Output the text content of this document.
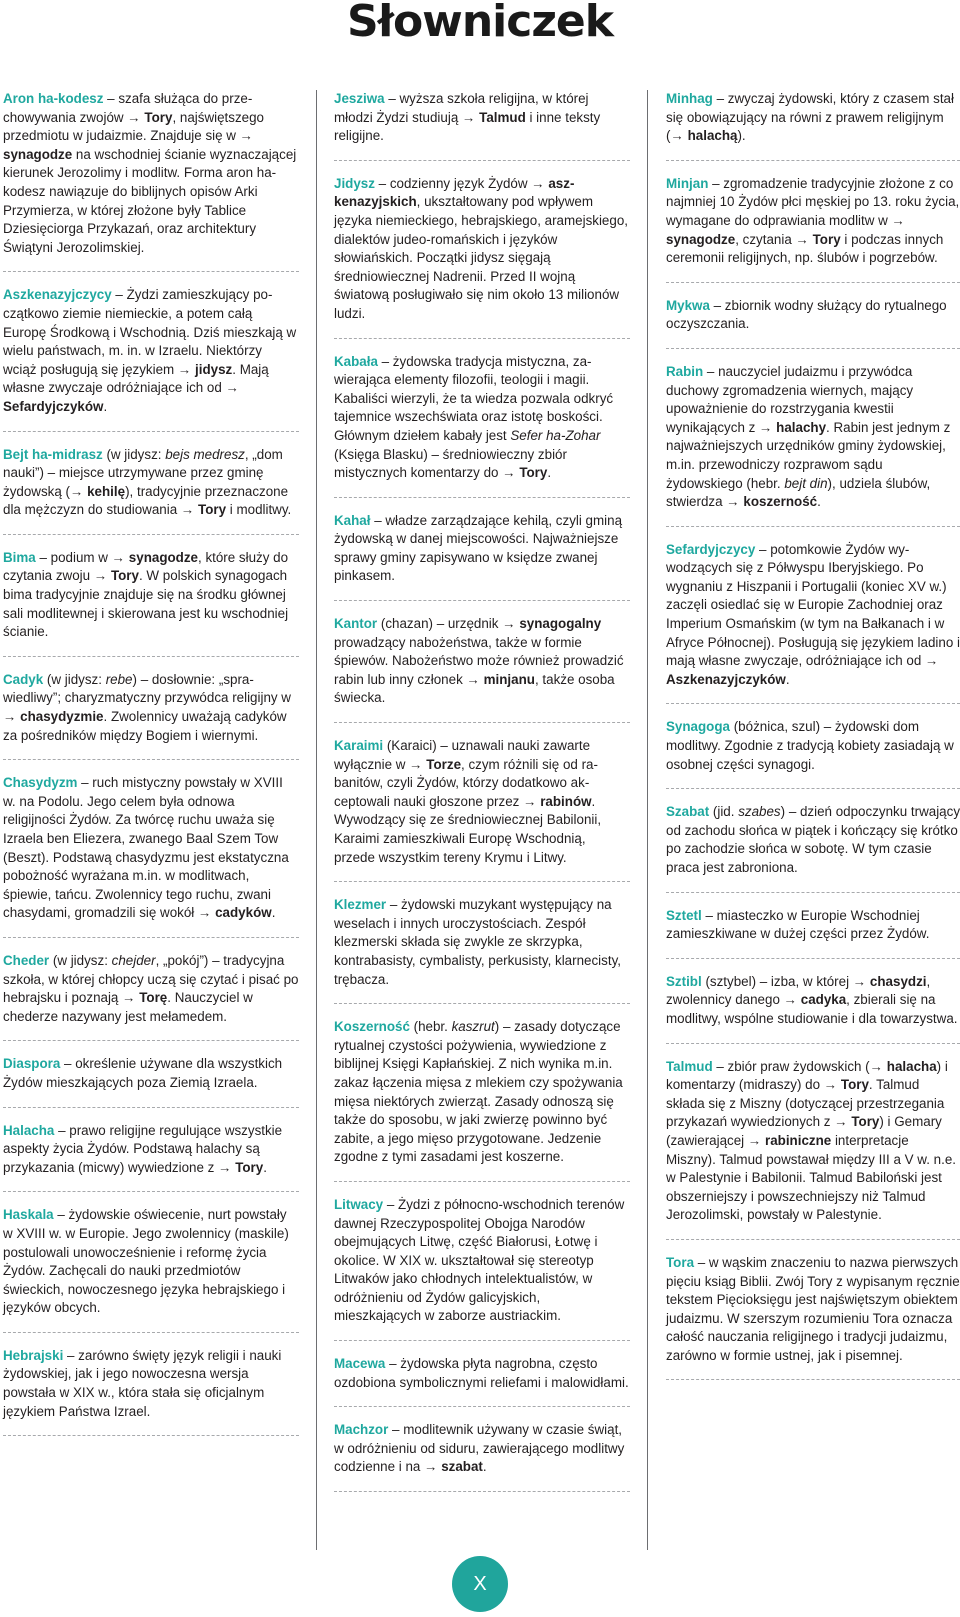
Słowniczek

Aron ha-kodesz – szafa służąca do przechowywania zwojów → Tory, najświętszego przedmiotu w judaizmie. Znajduje się w → synagodze na wschodniej ścianie wyznaczającej kierunek Jerozolimy i modlitw. Forma aron ha-kodesz nawiązuje do biblijnych opisów Arki Przymierza, w której złożone były Tablice Dziesięciorga Przykazań, oraz architektury Świątyni Jerozolimskiej.

Aszkenazyjczycy – Żydzi zamieszkujący początkowo ziemie niemieckie, a potem całą Europę Środkową i Wschodnią. Dziś mieszkają w wielu państwach, m. in. w Izraelu. Niektórzy wciąż posługują się językiem → jidysz. Mają własne zwyczaje odróżniające ich od → Sefardyjczyków.

Bejt ha-midrasz (w jidysz: bejs medresz, „dom nauki”) – miejsce utrzymywane przez gminę żydowską (→ kehilę), tradycyjnie przeznaczone dla mężczyzn do studiowania → Tory i modlitwy.

Bima – podium w → synagodze, które służy do czytania zwoju → Tory. W polskich synagogach bima tradycyjnie znajduje się na środku głównej sali modlitewnej i skierowana jest ku wschodniej ścianie.

Cadyk (w jidysz: rebe) – dosłownie: „sprawiedliwy”; charyzmatyczny przywódca religijny w → chasydyzmie. Zwolennicy uważają cadyków za pośredników między Bogiem i wiernymi.

Chasydyzm – ruch mistyczny powstały w XVIII w. na Podolu. Jego celem była odnowa religijności Żydów. Za twórcę ruchu uważa się Izraela ben Eliezera, zwanego Baal Szem Tow (Beszt). Podstawą chasydyzmu jest ekstatyczna pobożność wyrażana m.in. w modlitwach, śpiewie, tańcu. Zwolennicy tego ruchu, zwani chasydami, gromadzili się wokół → cadyków.

Cheder (w jidysz: chejder, „pokój”) – tradycyjna szkoła, w której chłopcy uczą się czytać i pisać po hebrajsku i poznają → Torę. Nauczyciel w chederze nazywany jest mełamedem.

Diaspora – określenie używane dla wszystkich Żydów mieszkających poza Ziemią Izraela.

Halacha – prawo religijne regulujące wszystkie aspekty życia Żydów. Podstawą halachy są przykazania (micwy) wywiedzione z → Tory.

Haskala – żydowskie oświecenie, nurt powstały w XVIII w. w Europie. Jego zwolennicy (maskile) postulowali unowocześnienie i reformę życia Żydów. Zachęcali do nauki przedmiotów świeckich, nowoczesnego języka hebrajskiego i języków obcych.

Hebrajski – zarówno święty język religii i nauki żydowskiej, jak i jego nowoczesna wersja powstała w XIX w., która stała się oficjalnym językiem Państwa Izrael.

Jesziwa – wyższa szkoła religijna, w której młodzi Żydzi studiują → Talmud i inne teksty religijne.

Jidysz – codzienny język Żydów → aszkenazyjskich, ukształtowany pod wpływem języka niemieckiego, hebrajskiego, aramejskiego, dialektów judeo-romańskich i języków słowiańskich. Początki jidysz sięgają średniowiecznej Nadrenii. Przed II wojną światową posługiwało się nim około 13 milionów ludzi.

Kabała – żydowska tradycja mistyczna, zawierająca elementy filozofii, teologii i magii. Kabaliści wierzyli, że ta wiedza pozwala odkryć tajemnice wszechświata oraz istotę boskości. Głównym dziełem kabały jest Sefer ha-Zohar (Księga Blasku) – średniowieczny zbiór mistycznych komentarzy do → Tory.

Kahał – władze zarządzające kehilą, czyli gminą żydowską w danej miejscowości. Najważniejsze sprawy gminy zapisywano w księdze zwanej pinkasem.

Kantor (chazan) – urzędnik → synagogalny prowadzący nabożeństwa, także w formie śpiewów. Nabożeństwo może również prowadzić rabin lub inny członek → minjanu, także osoba świecka.

Karaimi (Karaici) – uznawali nauki zawarte wyłącznie w → Torze, czym różnili się od rabanitów, czyli Żydów, którzy dodatkowo akceptowali nauki głoszone przez → rabinów. Wywodzący się ze średniowiecznej Babilonii, Karaimi zamieszkiwali Europę Wschodnią, przede wszystkim tereny Krymu i Litwy.

Klezmer – żydowski muzykant występujący na weselach i innych uroczystościach. Zespół klezmerski składa się zwykle ze skrzypka, kontrabasisty, cymbalisty, perkusisty, klarnecisty, trębacza.

Koszerność (hebr. kaszrut) – zasady dotyczące rytualnej czystości pożywienia, wywiedzione z biblijnej Księgi Kapłańskiej. Z nich wynika m.in. zakaz łączenia mięsa z mlekiem czy spożywania mięsa niektórych zwierząt. Zasady odnoszą się także do sposobu, w jaki zwierzę powinno być zabite, a jego mięso przygotowane. Jedzenie zgodne z tymi zasadami jest koszerne.

Litwacy – Żydzi z północno-wschodnich terenów dawnej Rzeczypospolitej Obojga Narodów obejmujących Litwę, część Białorusi, Łotwę i okolice. W XIX w. ukształtował się stereotyp Litwaków jako chłodnych intelektualistów, w odróżnieniu od Żydów galicyjskich, mieszkających w zaborze austriackim.

Macewa – żydowska płyta nagrobna, często ozdobiona symbolicznymi reliefami i malowidłami.

Machzor – modlitewnik używany w czasie świąt, w odróżnieniu od siduru, zawierającego modlitwy codzienne i na → szabat.

Minhag – zwyczaj żydowski, który z czasem stał się obowiązujący na równi z prawem religijnym (→ halachą).

Minjan – zgromadzenie tradycyjnie złożone z co najmniej 10 Żydów płci męskiej po 13. roku życia, wymagane do odprawiania modlitw w → synagodze, czytania → Tory i podczas innych ceremonii religijnych, np. ślubów i pogrzebów.

Mykwa – zbiornik wodny służący do rytualnego oczyszczania.

Rabin – nauczyciel judaizmu i przywódca duchowy zgromadzenia wiernych, mający upoważnienie do rozstrzygania kwestii wynikających z → halachy. Rabin jest jednym z najważniejszych urzędników gminy żydowskiej, m.in. przewodniczy rozprawom sądu żydowskiego (hebr. bejt din), udziela ślubów, stwierdza → koszerność.

Sefardyjczycy – potomkowie Żydów wywodzących się z Półwyspu Iberyjskiego. Po wygnaniu z Hiszpanii i Portugalii (koniec XV w.) zaczęli osiedlać się w Europie Zachodniej oraz Imperium Osmańskim (w tym na Bałkanach i w Afryce Północnej). Posługują się językiem ladino i mają własne zwyczaje, odróżniające ich od → Aszkenazyjczyków.

Synagoga (bóżnica, szul) – żydowski dom modlitwy. Zgodnie z tradycją kobiety zasiadają w osobnej części synagogi.

Szabat (jid. szabes) – dzień odpoczynku trwający od zachodu słońca w piątek i kończący się krótko po zachodzie słońca w sobotę. W tym czasie praca jest zabroniona.

Sztetl – miasteczko w Europie Wschodniej zamieszkiwane w dużej części przez Żydów.

Sztibl (sztybel) – izba, w której → chasydzi, zwolennicy danego → cadyka, zbierali się na modlitwy, wspólne studiowanie i dla towarzystwa.

Talmud – zbiór praw żydowskich (→ halacha) i komentarzy (midraszy) do → Tory. Talmud składa się z Miszny (dotyczącej przestrzegania przykazań wywiedzionych z → Tory) i Gemary (zawierającej → rabiniczne interpretacje Miszny). Talmud powstawał między III a V w. n.e. w Palestynie i Babilonii. Talmud Babiloński jest obszerniejszy i powszechniejszy niż Talmud Jerozolimski, powstały w Palestynie.

Tora – w wąskim znaczeniu to nazwa pierwszych pięciu ksiąg Biblii. Zwój Tory z wypisanym ręcznie tekstem Pięcioksięgu jest najświętszym obiektem judaizmu. W szerszym rozumieniu Tora oznacza całość nauczania religijnego i tradycji judaizmu, zarówno w formie ustnej, jak i pisemnej.

X
